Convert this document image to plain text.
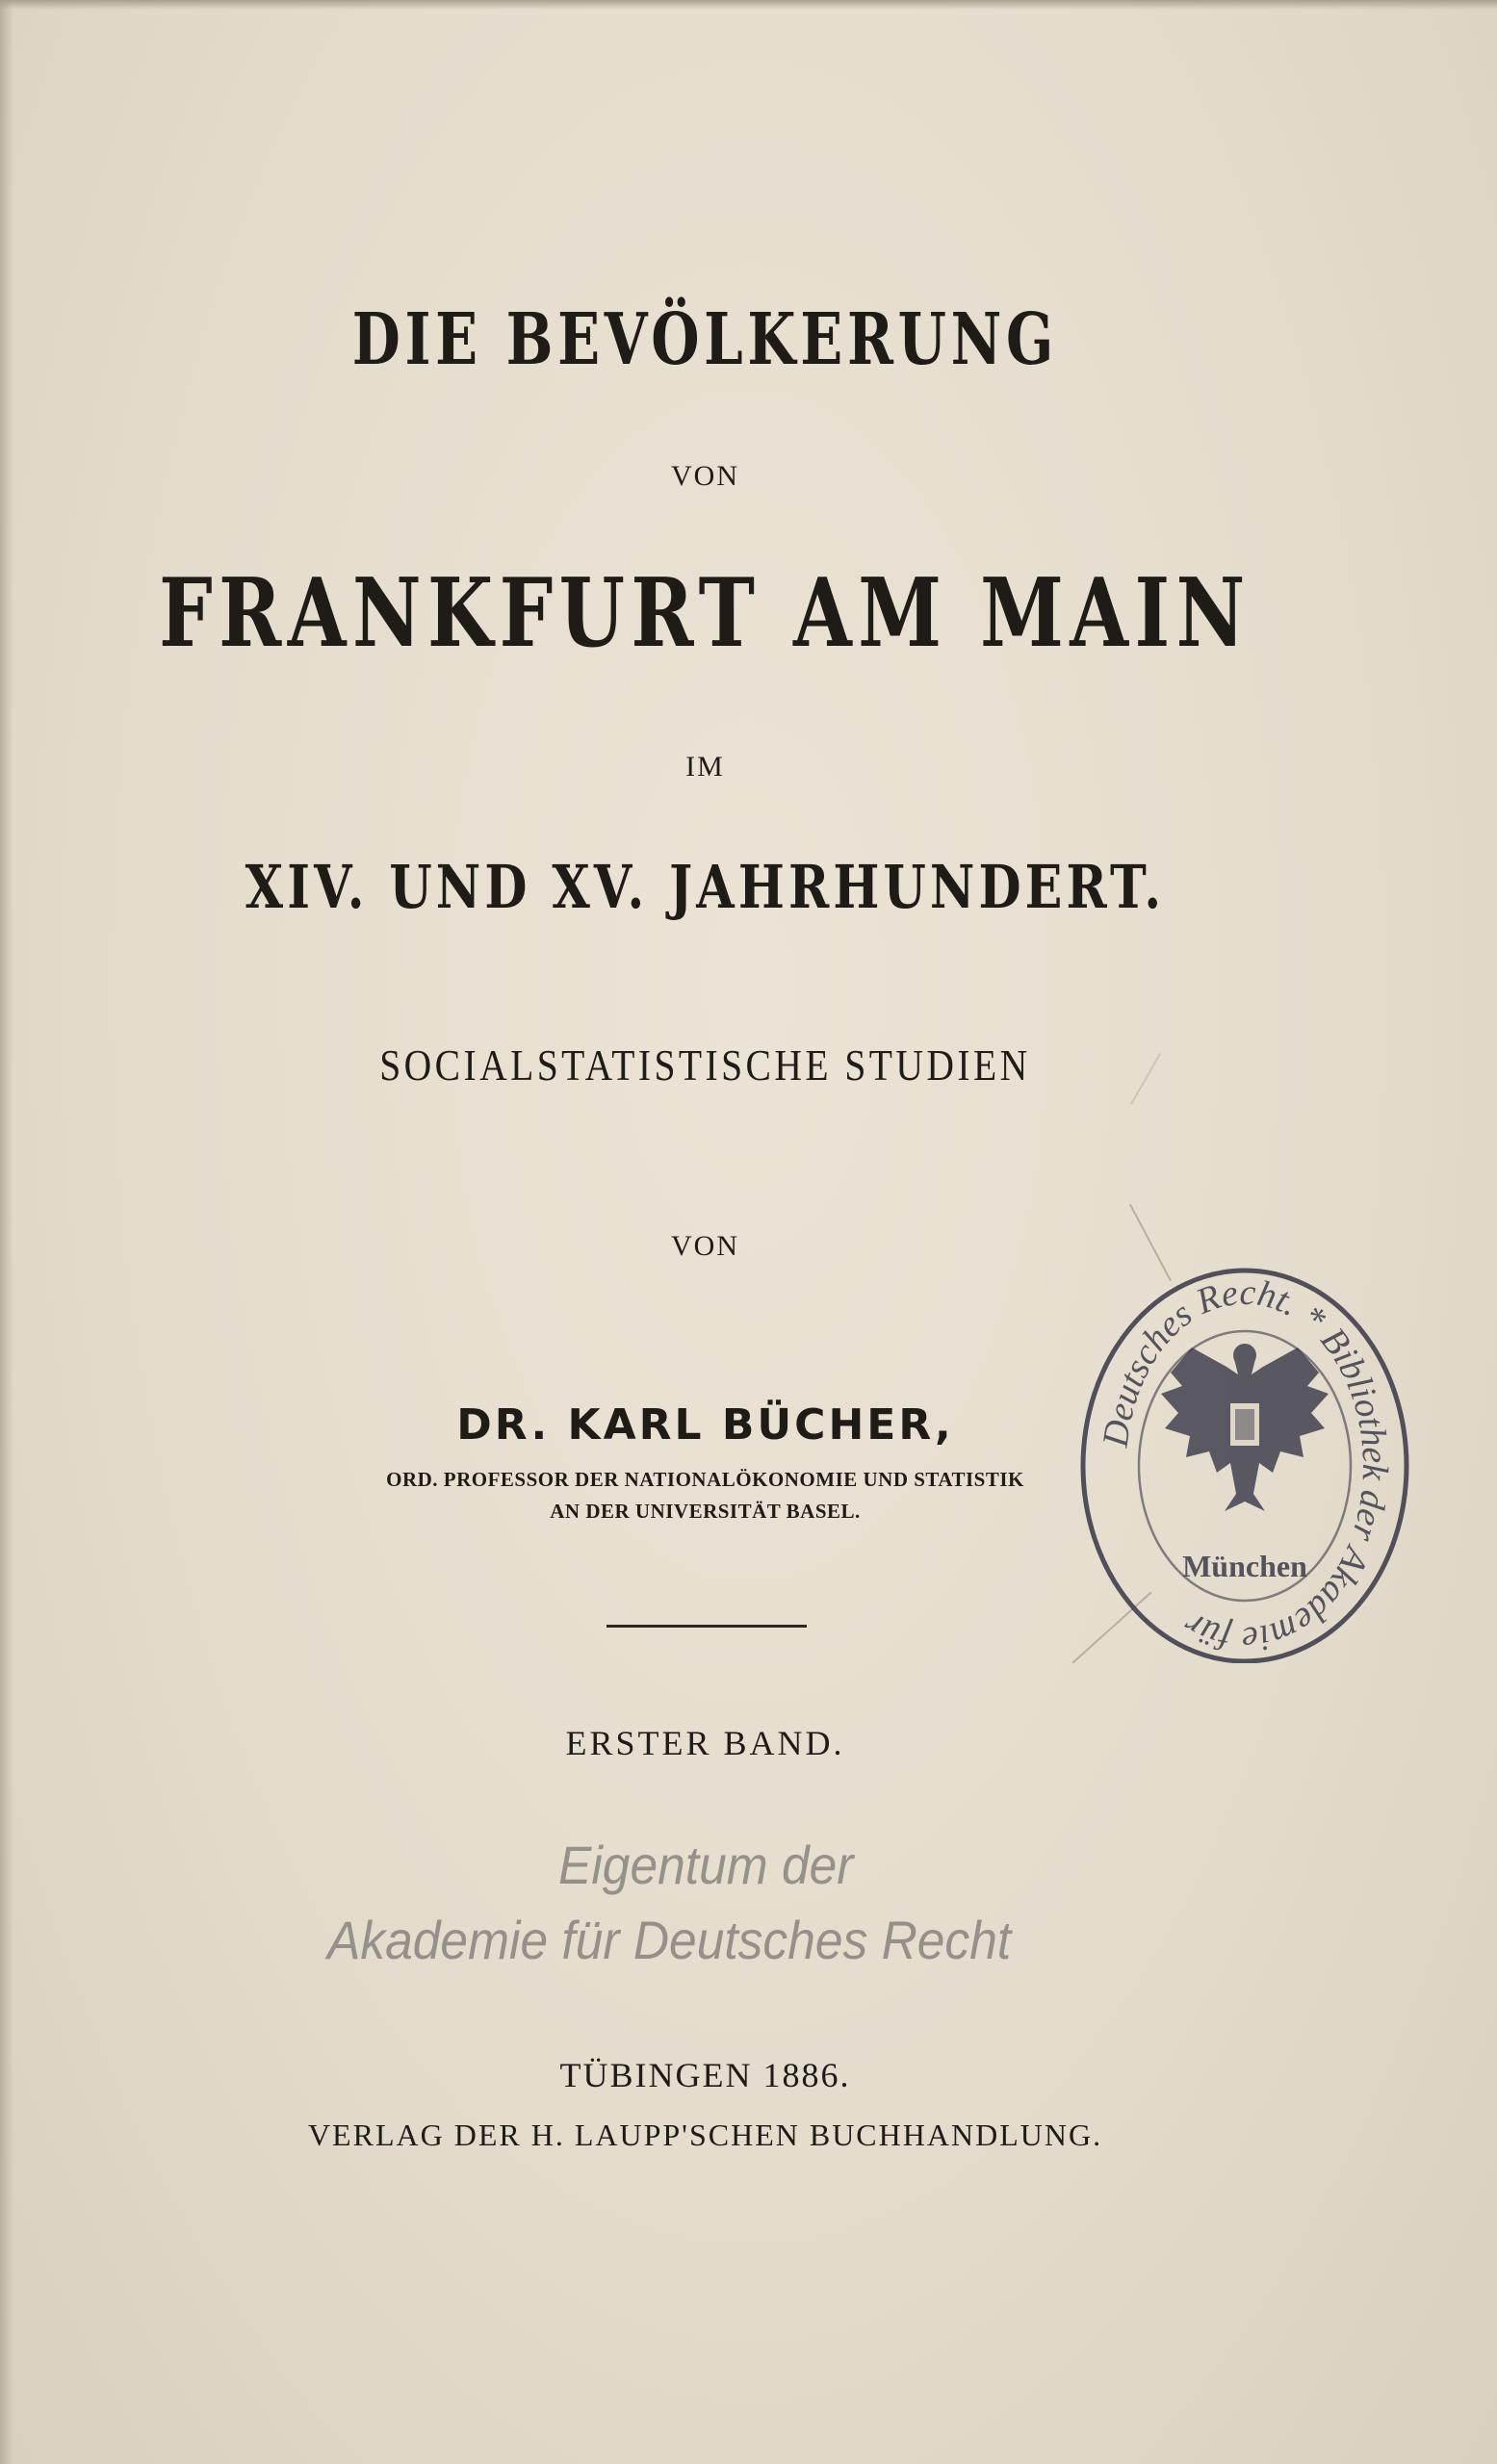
DIE BEVÖLKERUNG
VON
FRANKFURT AM MAIN
IM
XIV. UND XV. JAHRHUNDERT.
SOCIALSTATISTISCHE STUDIEN
VON
DR. KARL BÜCHER,
ORD. PROFESSOR DER NATIONALÖKONOMIE UND STATISTIK
AN DER UNIVERSITÄT BASEL.
ERSTER BAND.
Eigentum der
Akademie für Deutsches Recht
TÜBINGEN 1886.
VERLAG DER H. LAUPP'SCHEN BUCHHANDLUNG.
Deutsches Recht. * Bibliothek der Akademie für
München
